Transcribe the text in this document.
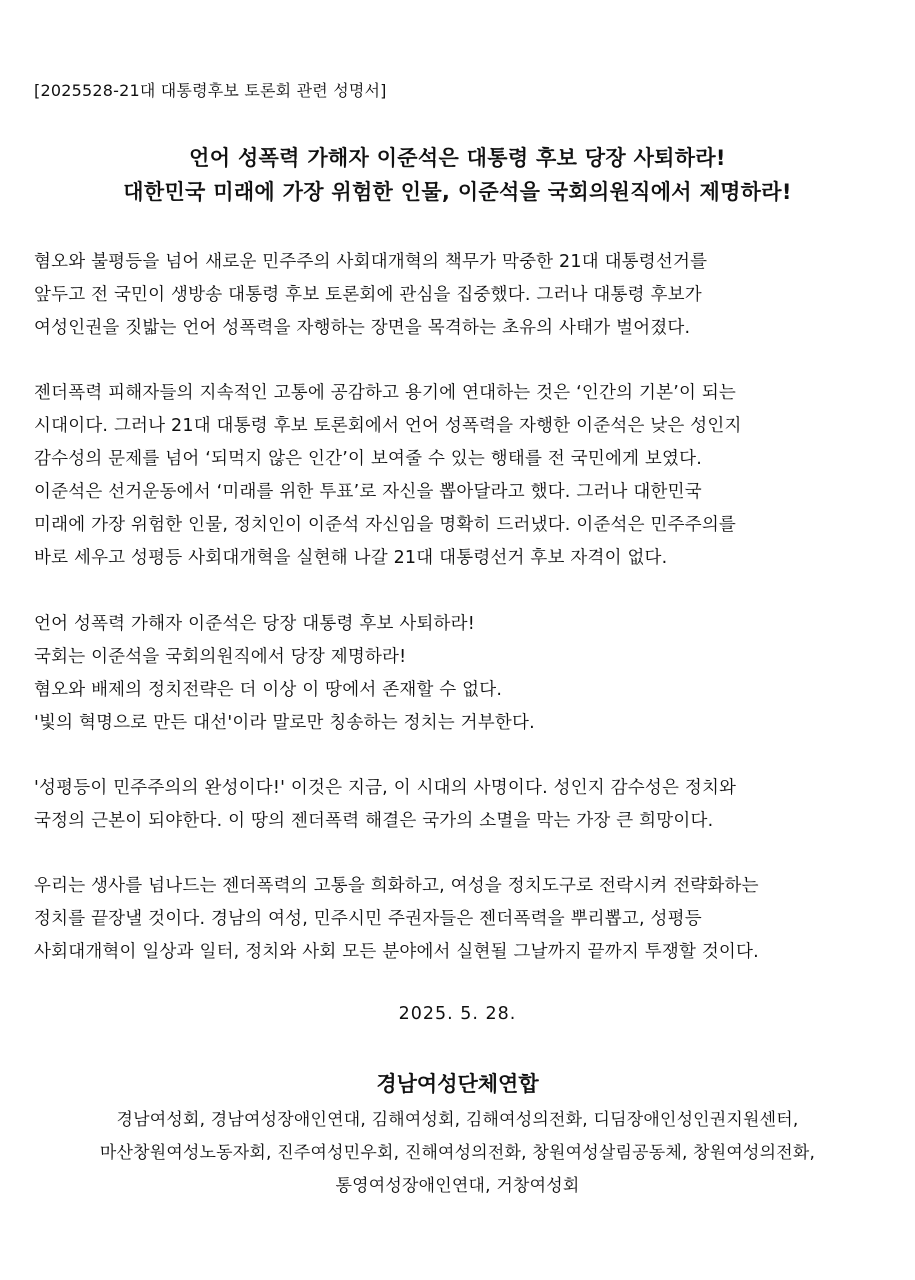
[2025528-21대 대통령후보 토론회 관련 성명서]
언어 성폭력 가해자 이준석은 대통령 후보 당장 사퇴하라!
대한민국 미래에 가장 위험한 인물, 이준석을 국회의원직에서 제명하라!
혐오와 불평등을 넘어 새로운 민주주의 사회대개혁의 책무가 막중한 21대 대통령선거를
앞두고 전 국민이 생방송 대통령 후보 토론회에 관심을 집중했다. 그러나 대통령 후보가
여성인권을 짓밟는 언어 성폭력을 자행하는 장면을 목격하는 초유의 사태가 벌어졌다.
젠더폭력 피해자들의 지속적인 고통에 공감하고 용기에 연대하는 것은 ‘인간의 기본’이 되는
시대이다. 그러나 21대 대통령 후보 토론회에서 언어 성폭력을 자행한 이준석은 낮은 성인지
감수성의 문제를 넘어 ‘되먹지 않은 인간’이 보여줄 수 있는 행태를 전 국민에게 보였다.
이준석은 선거운동에서 ‘미래를 위한 투표’로 자신을 뽑아달라고 했다. 그러나 대한민국
미래에 가장 위험한 인물, 정치인이 이준석 자신임을 명확히 드러냈다. 이준석은 민주주의를
바로 세우고 성평등 사회대개혁을 실현해 나갈 21대 대통령선거 후보 자격이 없다.
언어 성폭력 가해자 이준석은 당장 대통령 후보 사퇴하라!
국회는 이준석을 국회의원직에서 당장 제명하라!
혐오와 배제의 정치전략은 더 이상 이 땅에서 존재할 수 없다.
'빛의 혁명으로 만든 대선'이라 말로만 칭송하는 정치는 거부한다.
'성평등이 민주주의의 완성이다!' 이것은 지금, 이 시대의 사명이다. 성인지 감수성은 정치와
국정의 근본이 되야한다. 이 땅의 젠더폭력 해결은 국가의 소멸을 막는 가장 큰 희망이다.
우리는 생사를 넘나드는 젠더폭력의 고통을 희화하고, 여성을 정치도구로 전락시켜 전략화하는
정치를 끝장낼 것이다. 경남의 여성, 민주시민 주권자들은 젠더폭력을 뿌리뽑고, 성평등
사회대개혁이 일상과 일터, 정치와 사회 모든 분야에서 실현될 그날까지 끝까지 투쟁할 것이다.
2025. 5. 28.
경남여성단체연합
경남여성회, 경남여성장애인연대, 김해여성회, 김해여성의전화, 디딤장애인성인권지원센터,
마산창원여성노동자회, 진주여성민우회, 진해여성의전화, 창원여성살림공동체, 창원여성의전화,
통영여성장애인연대, 거창여성회
